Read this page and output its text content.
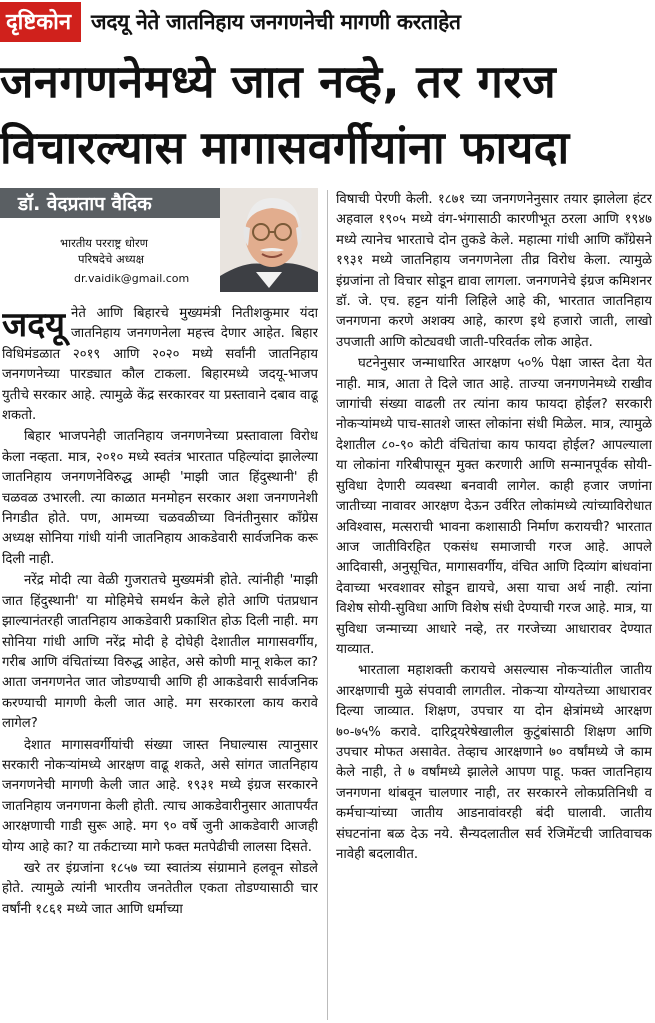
दृष्टिकोन जदयू नेते जातनिहाय जनगणनेची मागणी करताहेत
जनगणनेमध्ये जात नव्हे, तर गरज
विचारल्यास मागासवर्गीयांना फायदा
डॉ. वेदप्रताप वैदिक
भारतीय परराष्ट्र धोरण
परिषदेचे अध्यक्ष
dr.vaidik@gmail.com

जदयू नेते आणि बिहारचे मुख्यमंत्री नितीशकुमार यंदा जातनिहाय जनगणनेला महत्त्व देणार आहेत. बिहार विधिमंडळात २०१९ आणि २०२० मध्ये सर्वांनी जातनिहाय जनगणनेच्या पारड्यात कौल टाकला. बिहारमध्ये जदयू-भाजप युतीचे सरकार आहे. त्यामुळे केंद्र सरकारवर या प्रस्तावाने दबाव वाढू शकतो.

बिहार भाजपनेही जातनिहाय जनगणनेच्या प्रस्तावाला विरोध केला नव्हता. मात्र, २०१० मध्ये स्वतंत्र भारतात पहिल्यांदा झालेल्या जातनिहाय जनगणनेविरुद्ध आम्ही 'माझी जात हिंदुस्थानी' ही चळवळ उभारली. त्या काळात मनमोहन सरकार अशा जनगणनेशी निगडीत होते. पण, आमच्या चळवळीच्या विनंतीनुसार काँग्रेस अध्यक्ष सोनिया गांधी यांनी जातनिहाय आकडेवारी सार्वजनिक करू दिली नाही.

नरेंद्र मोदी त्या वेळी गुजरातचे मुख्यमंत्री होते. त्यांनीही 'माझी जात हिंदुस्थानी' या मोहिमेचे समर्थन केले होते आणि पंतप्रधान झाल्यानंतरही जातनिहाय आकडेवारी प्रकाशित होऊ दिली नाही. मग सोनिया गांधी आणि नरेंद्र मोदी हे दोघेही देशातील मागासवर्गीय, गरीब आणि वंचितांच्या विरुद्ध आहेत, असे कोणी मानू शकेल का? आता जनगणनेत जात जोडण्याची आणि ही आकडेवारी सार्वजनिक करण्याची मागणी केली जात आहे. मग सरकारला काय करावे लागेल?

देशात मागासवर्गीयांची संख्या जास्त निघाल्यास त्यानुसार सरकारी नोकऱ्यांमध्ये आरक्षण वाढू शकते, असे सांगत जातनिहाय जनगणनेची मागणी केली जात आहे. १९३१ मध्ये इंग्रज सरकारने जातनिहाय जनगणना केली होती. त्याच आकडेवारीनुसार आतापर्यंत आरक्षणाची गाडी सुरू आहे. मग ९० वर्षे जुनी आकडेवारी आजही योग्य आहे का? या तर्कटाच्या मागे फक्त मतपेढीची लालसा दिसते.

खरे तर इंग्रजांना १८५७ च्या स्वातंत्र्य संग्रामाने हलवून सोडले होते. त्यामुळे त्यांनी भारतीय जनतेतील एकता तोडण्यासाठी चार वर्षांनी १८६१ मध्ये जात आणि धर्माच्या

विषाची पेरणी केली. १८७१ च्या जनगणनेनुसार तयार झालेला हंटर अहवाल १९०५ मध्ये वंग-भंगासाठी कारणीभूत ठरला आणि १९४७ मध्ये त्यानेच भारताचे दोन तुकडे केले. महात्मा गांधी आणि काँग्रेसने १९३१ मध्ये जातनिहाय जनगणनेला तीव्र विरोध केला. त्यामुळे इंग्रजांना तो विचार सोडून द्यावा लागला. जनगणनेचे इंग्रज कमिशनर डॉ. जे. एच. हट्टन यांनी लिहिले आहे की, भारतात जातनिहाय जनगणना करणे अशक्य आहे, कारण इथे हजारो जाती, लाखो उपजाती आणि कोट्यवधी जाती-परिवर्तक लोक आहेत.

घटनेनुसार जन्माधारित आरक्षण ५०% पेक्षा जास्त देता येत नाही. मात्र, आता ते दिले जात आहे. ताज्या जनगणनेमध्ये राखीव जागांची संख्या वाढली तर त्यांना काय फायदा होईल? सरकारी नोकऱ्यांमध्ये पाच-सातशे जास्त लोकांना संधी मिळेल. मात्र, त्यामुळे देशातील ८०-९० कोटी वंचितांचा काय फायदा होईल? आपल्याला या लोकांना गरिबीपासून मुक्त करणारी आणि सन्मानपूर्वक सोयी-सुविधा देणारी व्यवस्था बनवावी लागेल. काही हजार जणांना जातीच्या नावावर आरक्षण देऊन उर्वरित लोकांमध्ये त्यांच्याविरोधात अविश्वास, मत्सराची भावना कशासाठी निर्माण करायची? भारतात आज जातीविरहित एकसंध समाजाची गरज आहे. आपले आदिवासी, अनुसूचित, मागासवर्गीय, वंचित आणि दिव्यांग बांधवांना देवाच्या भरवशावर सोडून द्यायचे, असा याचा अर्थ नाही. त्यांना विशेष सोयी-सुविधा आणि विशेष संधी देण्याची गरज आहे. मात्र, या सुविधा जन्माच्या आधारे नव्हे, तर गरजेच्या आधारावर देण्यात याव्यात.

भारताला महाशक्ती करायचे असल्यास नोकऱ्यांतील जातीय आरक्षणाची मुळे संपवावी लागतील. नोकऱ्या योग्यतेच्या आधारावर दिल्या जाव्यात. शिक्षण, उपचार या दोन क्षेत्रांमध्ये आरक्षण ७०-७५% करावे. दारिद्र्यरेषेखालील कुटुंबांसाठी शिक्षण आणि उपचार मोफत असावेत. तेव्हाच आरक्षणाने ७० वर्षांमध्ये जे काम केले नाही, ते ७ वर्षांमध्ये झालेले आपण पाहू. फक्त जातनिहाय जनगणना थांबवून चालणार नाही, तर सरकारने लोकप्रतिनिधी व कर्मचाऱ्यांच्या जातीय आडनावांवरही बंदी घालावी. जातीय संघटनांना बळ देऊ नये. सैन्यदलातील सर्व रेजिमेंटची जातिवाचक नावेही बदलावीत.
